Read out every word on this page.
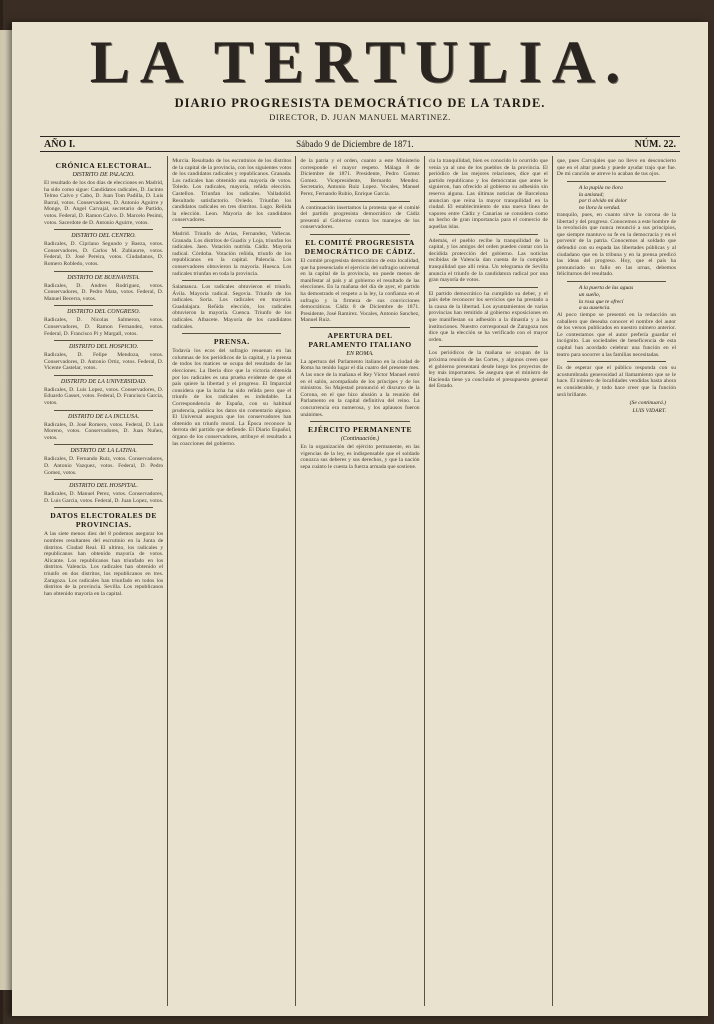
LA TERTULIA.
DIARIO PROGRESISTA DEMOCRÁTICO DE LA TARDE.
DIRECTOR, D. JUAN MANUEL MARTINEZ.
AÑO I.	Sábado 9 de Diciembre de 1871.	NÚM. 22.
CRÓNICA ELECTORAL.
DISTRITO DE PALACIO.
El resultado de los dos días de elecciones en Madrid, ha sido como sigue: Candidatos radicales, D. Jacinto Telmo Calvo y Cabo, D. Juan Tom Padilla, D. Luis Barral, votos. Conservadores, D. Antonio Aguirre y Monge, D. Angel Carvajal, secretario de Partido, votos. Federal, D. Ramon Calvo. D. Marcelo Pesimi, votos. Sacerdote de D. Antonio Aguirre, votos.
DISTRITO DEL CENTRO.
Radicales, D. Cipriano Segundo y Baeza, votos. Conservadores, D. Carlos M. Zubiaurre, votos. Federal, D. José Pereira, votos. Ciudadanos, D. Romero Robledo, votos.
DISTRITO DE BUENAVISTA.
Radicales, D. Andres Rodriguez, votos. Conservadores, D. Pedro Mata, votos. Federal, D. Manuel Becerra, votos.
DISTRITO DEL CONGRESO.
Radicales, D. Nicolas Salmeron, votos. Conservadores, D. Ramon Fernandez, votos. Federal, D. Francisco Pi y Margall, votos.
DISTRITO DEL HOSPICIO.
Radicales, D. Felipe Mendoza, votos. Conservadores, D. Antonio Ortiz, votos. Federal, D. Vicente Castelar, votos.
DISTRITO DE LA UNIVERSIDAD.
Radicales, D. Luis Lopez, votos. Conservadores, D. Eduardo Gasset, votos. Federal, D. Francisco Garcia, votos.
DISTRITO DE LA INCLUSA.
Radicales, D. José Romero, votos. Federal, D. Luis Moreno, votos. Conservadores, D. Juan Nuñez, votos.
DISTRITO DE LA LATINA.
Radicales, D. Fernando Ruiz, votos. Conservadores, D. Antonio Vazquez, votos. Federal, D. Pedro Gomez, votos.
DISTRITO DEL HOSPITAL.
Radicales, D. Manuel Perez, votos. Conservadores, D. Luis Garcia, votos. Federal, D. Juan Lopez, votos.
DATOS ELECTORALES DE PROVINCIAS.
A las siete menos diez del 8 podemos asegurar los nombres resultantes del escrutinio en la Junta de distritos. Ciudad Real. El ultimo, los radicales y republicanos han obtenido mayoría de votos. Alicante. Los republicanos han triunfado en los distritos. Valencia. Los radicales han obtenido el triunfo en dos distritos, los republicanos en tres. Zaragoza. Los radicales han triunfado en todos los distritos de la provincia. Sevilla. Los republicanos han obtenido mayoría en la capital.
Murcia. Resultado de los escrutinios de los distritos de la capital de la provincia, con los siguientes votos de los candidatos radicales y republicanos. Granada. Los radicales han obtenido una mayoría de votos. Toledo. Los radicales, mayoría, reñida elección. Castellon. Triunfan los radicales. Valladolid. Resultado satisfactorio. Oviedo. Triunfan los candidatos radicales en tres distritos. Lugo. Reñida la elección. Leon. Mayoría de los candidatos conservadores.
Madrid. Triunfo de Arias, Fernandez, Vallecas. Granada. Los distritos de Guadix y Loja, triunfan los radicales. Jaen. Votación nutrida. Cádiz. Mayoría radical. Córdoba. Votación reñida, triunfo de los republicanos en la capital. Palencia. Los conservadores obtuvieron la mayoría. Huesca. Los radicales triunfan en toda la provincia.
Salamanca. Los radicales obtuvieron el triunfo. Ávila. Mayoría radical. Segovia. Triunfo de los radicales. Soria. Los radicales en mayoría. Guadalajara. Reñida elección, los radicales obtuvieron la mayoría. Cuenca. Triunfo de los radicales. Albacete. Mayoría de los candidatos radicales.
PRENSA.
Todavía los ecos del sufragio resuenan en las columnas de los periódicos de la capital, y la prensa de todos los matices se ocupa del resultado de las elecciones. La Iberia dice que la victoria obtenida por los radicales es una prueba evidente de que el país quiere la libertad y el progreso. El Imparcial considera que la lucha ha sido reñida pero que el triunfo de los radicales es indudable. La Correspondencia de España, con su habitual prudencia, publica los datos sin comentario alguno. El Universal asegura que los conservadores han obtenido un triunfo moral. La Época reconoce la derrota del partido que defiende. El Diario Español, órgano de los conservadores, atribuye el resultado a las coacciones del gobierno.
de la patria y el orden, cuanto a este Ministerio corresponde el mayor respeto. Málaga 8 de Diciembre de 1871. Presidente, Pedro Gomez Gomez. Vicepresidente, Bernardo Mendez. Secretario, Antonio Ruiz Lopez. Vocales, Manuel Perez, Fernando Rubio, Enrique Garcia.
A continuación insertamos la protesta que el comité del partido progresista democrático de Cádiz presentó al Gobierno contra los manejos de los conservadores.
EL COMITÉ PROGRESISTA DEMOCRÁTICO DE CÁDIZ.
El comité progresista democrático de esta localidad, que ha presenciado el ejercicio del sufragio universal en la capital de la provincia, no puede menos de manifestar al país y al gobierno el resultado de las elecciones. En la mañana del día de ayer, el partido ha demostrado el respeto a la ley, la confianza en el sufragio y la firmeza de sus convicciones democráticas. Cádiz 8 de Diciembre de 1871. Presidente, José Ramirez. Vocales, Antonio Sanchez, Manuel Ruiz.
APERTURA DEL PARLAMENTO ITALIANO
EN ROMA.
La apertura del Parlamento italiano en la ciudad de Roma ha tenido lugar el día cuatro del presente mes. A las once de la mañana el Rey Victor Manuel entró en el salón, acompañado de los príncipes y de los ministros. Su Majestad pronunció el discurso de la Corona, en el que hizo alusión a la reunión del Parlamento en la capital definitiva del reino. La concurrencia era numerosa, y los aplausos fueron unánimes.
EJÉRCITO PERMANENTE
(Continuación.)
En la organización del ejército permanente, en las vigencias de la ley, es indispensable que el soldado conozca sus deberes y sus derechos, y que la nación sepa cuánto le cuesta la fuerza armada que sostiene.
cia la tranquilidad, bien es conocido lo ocurrido que venía ya al uno de los pueblos de la provincia. El periódico de las mejores relaciones, dice que el partido republicano y los demócratas que antes le siguieron, han ofrecido al gobierno su adhesión sin reserva alguna. Las últimas noticias de Barcelona anuncian que reina la mayor tranquilidad en la ciudad. El establecimiento de una nueva línea de vapores entre Cádiz y Canarias se considera como un hecho de gran importancia para el comercio de aquellas islas.
Además, el pueblo recibe la tranquilidad de la capital, y los amigos del orden pueden contar con la decidida protección del gobierno. Las noticias recibidas de Valencia dan cuenta de la completa tranquilidad que allí reina. Un telegrama de Sevilla anuncia el triunfo de la candidatura radical por una gran mayoría de votos.
El partido democrático ha cumplido su deber, y el país debe reconocer los servicios que ha prestado a la causa de la libertad. Los ayuntamientos de varias provincias han remitido al gobierno exposiciones en que manifiestan su adhesión a la dinastía y a las instituciones. Nuestro corresponsal de Zaragoza nos dice que la elección se ha verificado con el mayor orden.
Los periódicos de la mañana se ocupan de la próxima reunión de las Cortes, y algunos creen que el gobierno presentará desde luego los proyectos de ley más importantes. Se asegura que el ministro de Hacienda tiene ya concluido el presupuesto general del Estado.
que, pues Carvajales que no llevo en desconcierto que en el altar pueda y puede ayudar trajo que fue. De mi canción se atreve lo acaban de tus ojos.
A la pupila no llora
la amistad;
por ti olvido mi dolor
no llora la verdad.
tranquilo, pues, en cuanto sirve la corona de la libertad y del progreso. Conocemos a este hombre de la revolución que nunca renunció a sus principios, que siempre mantuvo su fe en la democracia y en el porvenir de la patria. Conocemos al soldado que defendió con su espada las libertades públicas y al ciudadano que en la tribuna y en la prensa predicó las ideas del progreso. Hoy, que el país ha pronunciado su fallo en las urnas, debemos felicitarnos del resultado.
A la puerta de las aguas
un sueño,
la rosa que te ofrecí
a su ausencia.
Al poco tiempo se presentó en la redacción un caballero que deseaba conocer el nombre del autor de los versos publicados en nuestro número anterior. Le contestamos que el autor prefería guardar el incógnito. Las sociedades de beneficencia de esta capital han acordado celebrar una función en el teatro para socorrer a las familias necesitadas.
Es de esperar que el público responda con su acostumbrada generosidad al llamamiento que se le hace. El número de localidades vendidas hasta ahora es considerable, y todo hace creer que la función será brillante.
(Se continuará.)
LUIS VIDART.
